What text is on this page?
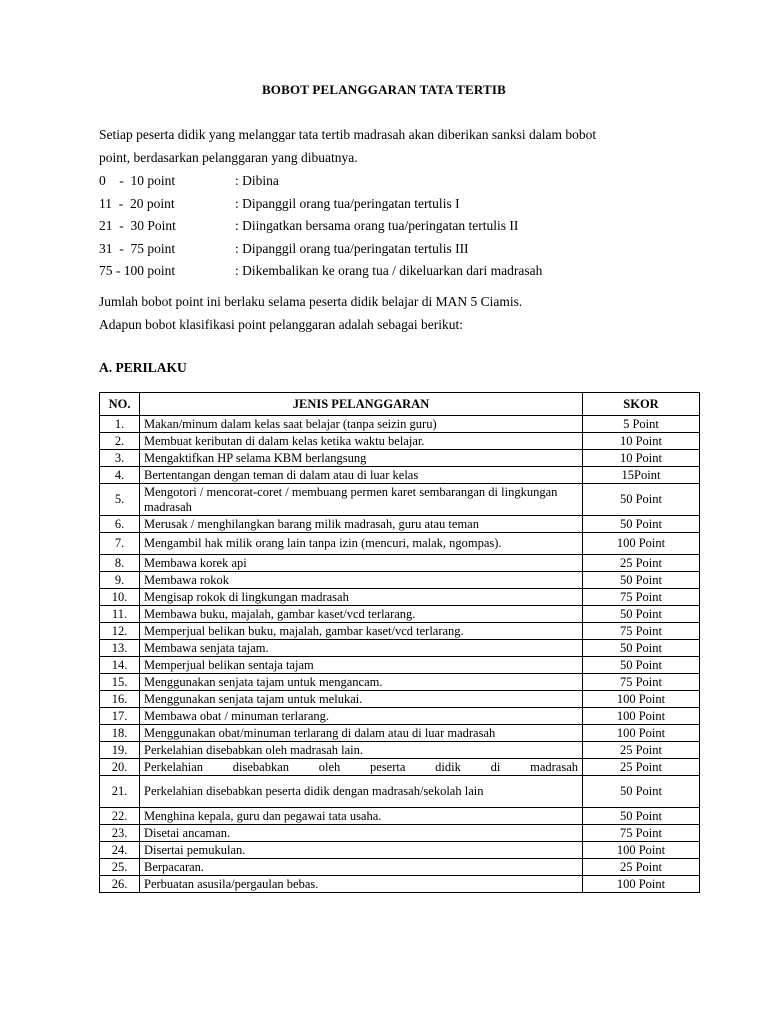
BOBOT PELANGGARAN TATA TERTIB
Setiap peserta didik yang melanggar tata tertib madrasah akan diberikan sanksi dalam bobot
point, berdasarkan pelanggaran yang dibuatnya.
0    -  10 point	: Dibina
11  -  20 point	: Dipanggil orang tua/peringatan tertulis I
21  -  30 Point	: Diingatkan bersama orang tua/peringatan tertulis II
31  -  75 point	: Dipanggil orang tua/peringatan tertulis III
75 - 100 point	: Dikembalikan ke orang tua / dikeluarkan dari madrasah
Jumlah bobot point ini berlaku selama peserta didik belajar di MAN 5 Ciamis.
Adapun bobot klasifikasi point pelanggaran adalah sebagai berikut:
A. PERILAKU
NO.	JENIS PELANGGARAN	SKOR
1.	Makan/minum dalam kelas saat belajar (tanpa seizin guru)	5 Point
2.	Membuat keributan di dalam kelas ketika waktu belajar.	10 Point
3.	Mengaktifkan HP selama KBM berlangsung	10 Point
4.	Bertentangan dengan teman di dalam atau di luar kelas	15Point
5.	Mengotori / mencorat-coret / membuang permen karet sembarangan di lingkungan madrasah	50 Point
6.	Merusak / menghilangkan barang milik madrasah, guru atau teman	50 Point
7.	Mengambil hak milik orang lain tanpa izin (mencuri, malak, ngompas).	100 Point
8.	Membawa korek api	25 Point
9.	Membawa rokok	50 Point
10.	Mengisap rokok di lingkungan madrasah	75 Point
11.	Membawa buku, majalah, gambar kaset/vcd terlarang.	50 Point
12.	Memperjual belikan buku, majalah, gambar kaset/vcd terlarang.	75 Point
13.	Membawa senjata tajam.	50 Point
14.	Memperjual belikan sentaja tajam	50 Point
15.	Menggunakan senjata tajam untuk mengancam.	75 Point
16.	Menggunakan senjata tajam untuk melukai.	100 Point
17.	Membawa obat / minuman terlarang.	100 Point
18.	Menggunakan obat/minuman terlarang di dalam atau di luar madrasah	100 Point
19.	Perkelahian disebabkan oleh madrasah lain.	25 Point
20.	Perkelahian disebabkan oleh peserta didik di madrasah	25 Point
21.	Perkelahian disebabkan peserta didik dengan madrasah/sekolah lain	50 Point
22.	Menghina kepala, guru dan pegawai tata usaha.	50 Point
23.	Disetai ancaman.	75 Point
24.	Disertai pemukulan.	100 Point
25.	Berpacaran.	25 Point
26.	Perbuatan asusila/pergaulan bebas.	100 Point
